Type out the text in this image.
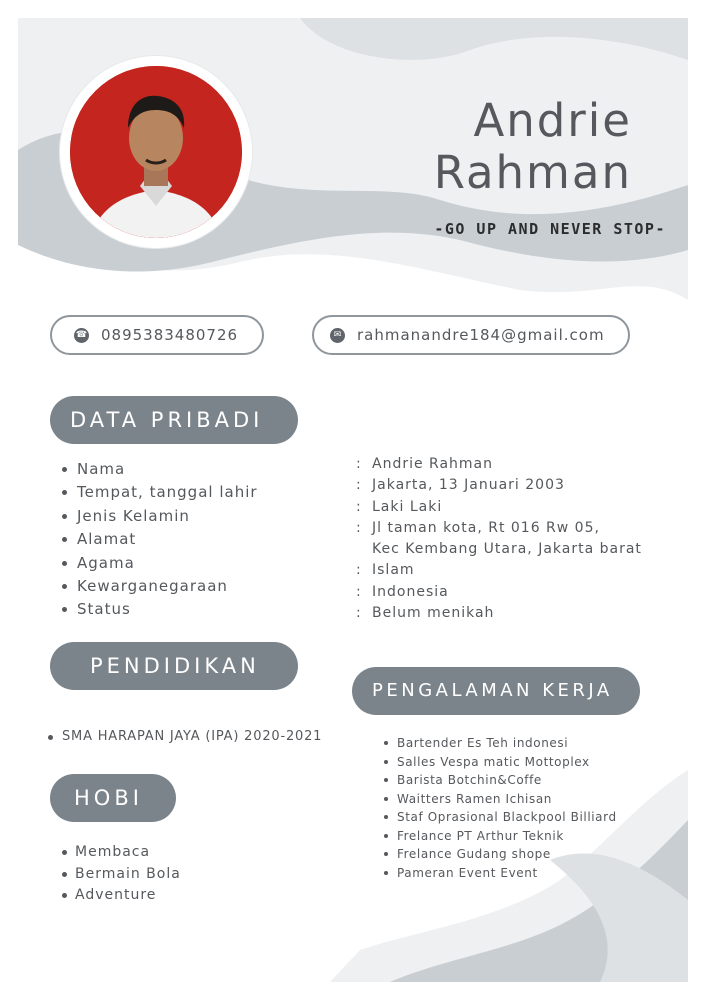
Andrie
Rahman
-GO UP AND NEVER STOP-
☎ 0895383480726	✉ rahmanandre184@gmail.com
DATA PRIBADI
Nama
Tempat, tanggal lahir
Jenis Kelamin
Alamat
Agama
Kewarganegaraan
Status
: Andrie Rahman
: Jakarta, 13 Januari 2003
: Laki Laki
: Jl taman kota, Rt 016 Rw 05,
Kec Kembang Utara, Jakarta barat
: Islam
: Indonesia
: Belum menikah
PENDIDIKAN
SMA HARAPAN JAYA (IPA) 2020-2021
PENGALAMAN KERJA
Bartender Es Teh indonesi
Salles Vespa matic Mottoplex
Barista Botchin&Coffe
Waitters Ramen Ichisan
Staf Oprasional Blackpool Billiard
Frelance PT Arthur Teknik
Frelance Gudang shope
Pameran Event Event
HOBI
Membaca
Bermain Bola
Adventure
